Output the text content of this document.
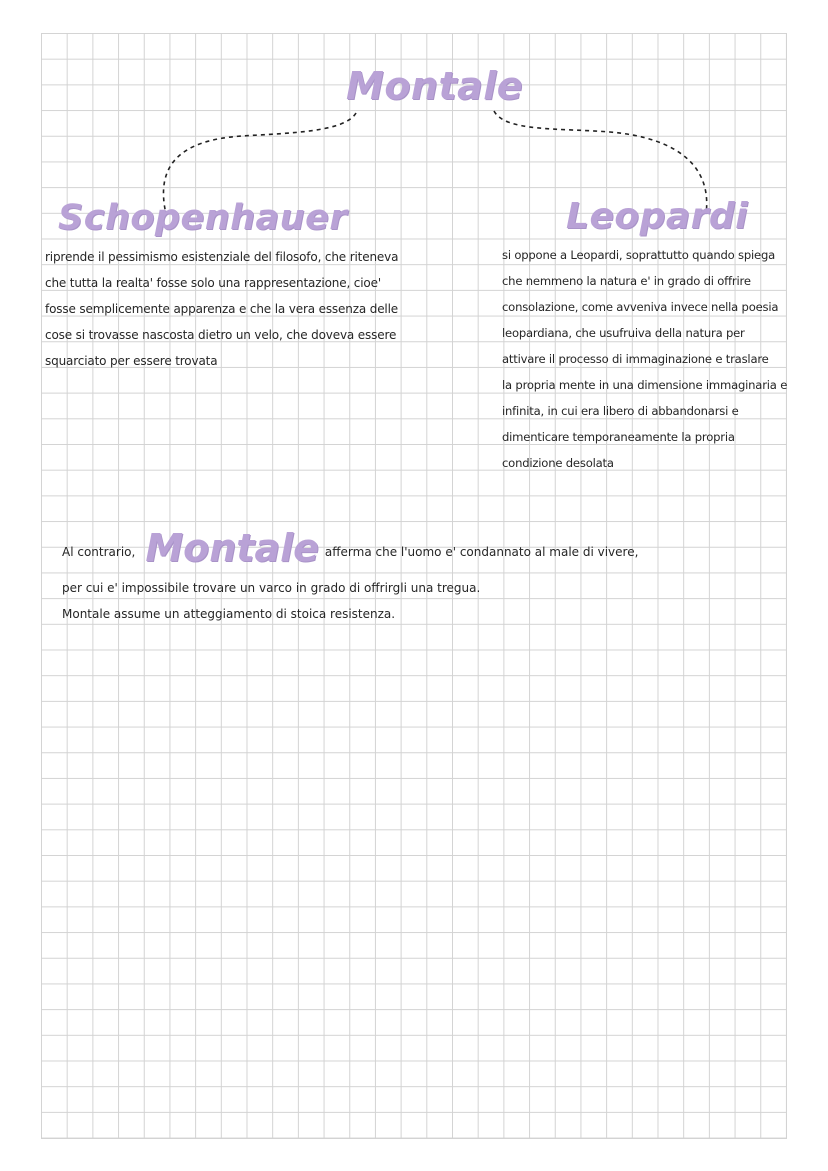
Montale
Schopenhauer	Leopardi

riprende il pessimismo esistenziale del filosofo, che riteneva
che tutta la realta' fosse solo una rappresentazione, cioe'
fosse semplicemente apparenza e che la vera essenza delle
cose si trovasse nascosta dietro un velo, che doveva essere
squarciato per essere trovata

si oppone a Leopardi, soprattutto quando spiega
che nemmeno la natura e' in grado di offrire
consolazione, come avveniva invece nella poesia
leopardiana, che usufruiva della natura per
attivare il processo di immaginazione e traslare
la propria mente in una dimensione immaginaria e
infinita, in cui era libero di abbandonarsi e
dimenticare temporaneamente la propria
condizione desolata

Al contrario, Montale afferma che l'uomo e' condannato al male di vivere,
per cui e' impossibile trovare un varco in grado di offrirgli una tregua.
Montale assume un atteggiamento di stoica resistenza.
